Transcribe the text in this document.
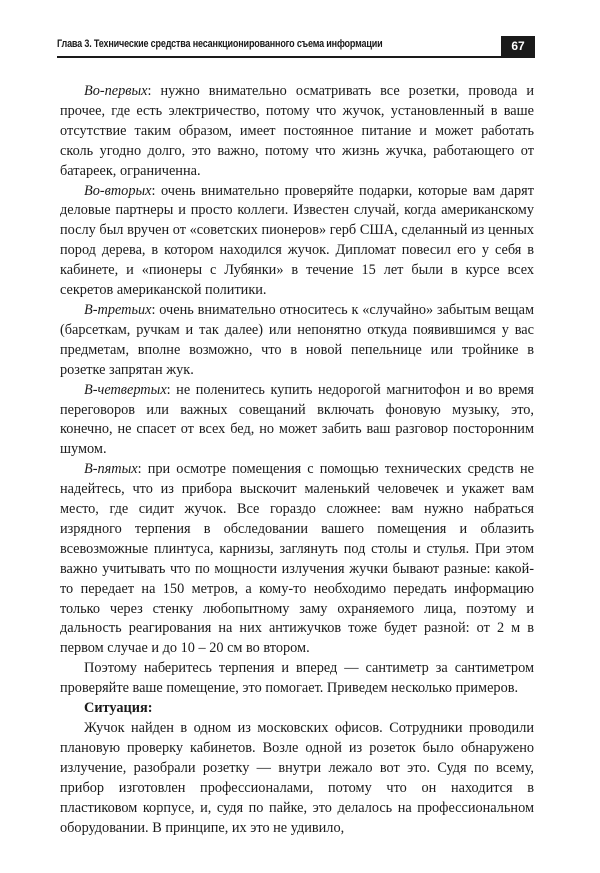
Глава 3. Технические средства несанкционированного съема информации	67

Во-первых: нужно внимательно осматривать все розетки, провода и прочее, где есть электричество, потому что жучок, установленный в ваше отсутствие таким образом, имеет постоянное питание и может работать сколь угодно долго, это важно, потому что жизнь жучка, работающего от батареек, ограниченна.

Во-вторых: очень внимательно проверяйте подарки, которые вам дарят деловые партнеры и просто коллеги. Известен случай, когда американскому послу был вручен от «советских пионеров» герб США, сделанный из ценных пород дерева, в котором находился жучок. Дипломат повесил его у себя в кабинете, и «пионеры с Лубянки» в течение 15 лет были в курсе всех секретов американской политики.

В-третьих: очень внимательно относитесь к «случайно» забытым вещам (барсеткам, ручкам и так далее) или непонятно откуда появившимся у вас предметам, вполне возможно, что в новой пепельнице или тройнике в розетке запрятан жук.

В-четвертых: не поленитесь купить недорогой магнитофон и во время переговоров или важных совещаний включать фоновую музыку, это, конечно, не спасет от всех бед, но может забить ваш разговор посторонним шумом.

В-пятых: при осмотре помещения с помощью технических средств не надейтесь, что из прибора выскочит маленький человечек и укажет вам место, где сидит жучок. Все гораздо сложнее: вам нужно набраться изрядного терпения в обследовании вашего помещения и облазить всевозможные плинтуса, карнизы, заглянуть под столы и стулья. При этом важно учитывать что по мощности излучения жучки бывают разные: какой-то передает на 150 метров, а кому-то необходимо передать информацию только через стенку любопытному заму охраняемого лица, поэтому и дальность реагирования на них антижучков тоже будет разной: от 2 м в первом случае и до 10 – 20 см во втором.

Поэтому наберитесь терпения и вперед — сантиметр за сантиметром проверяйте ваше помещение, это помогает. Приведем несколько примеров.

Ситуация:

Жучок найден в одном из московских офисов. Сотрудники проводили плановую проверку кабинетов. Возле одной из розеток было обнаружено излучение, разобрали розетку — внутри лежало вот это. Судя по всему, прибор изготовлен профессионалами, потому что он находится в пластиковом корпусе, и, судя по пайке, это делалось на профессиональном оборудовании. В принципе, их это не удивило,
